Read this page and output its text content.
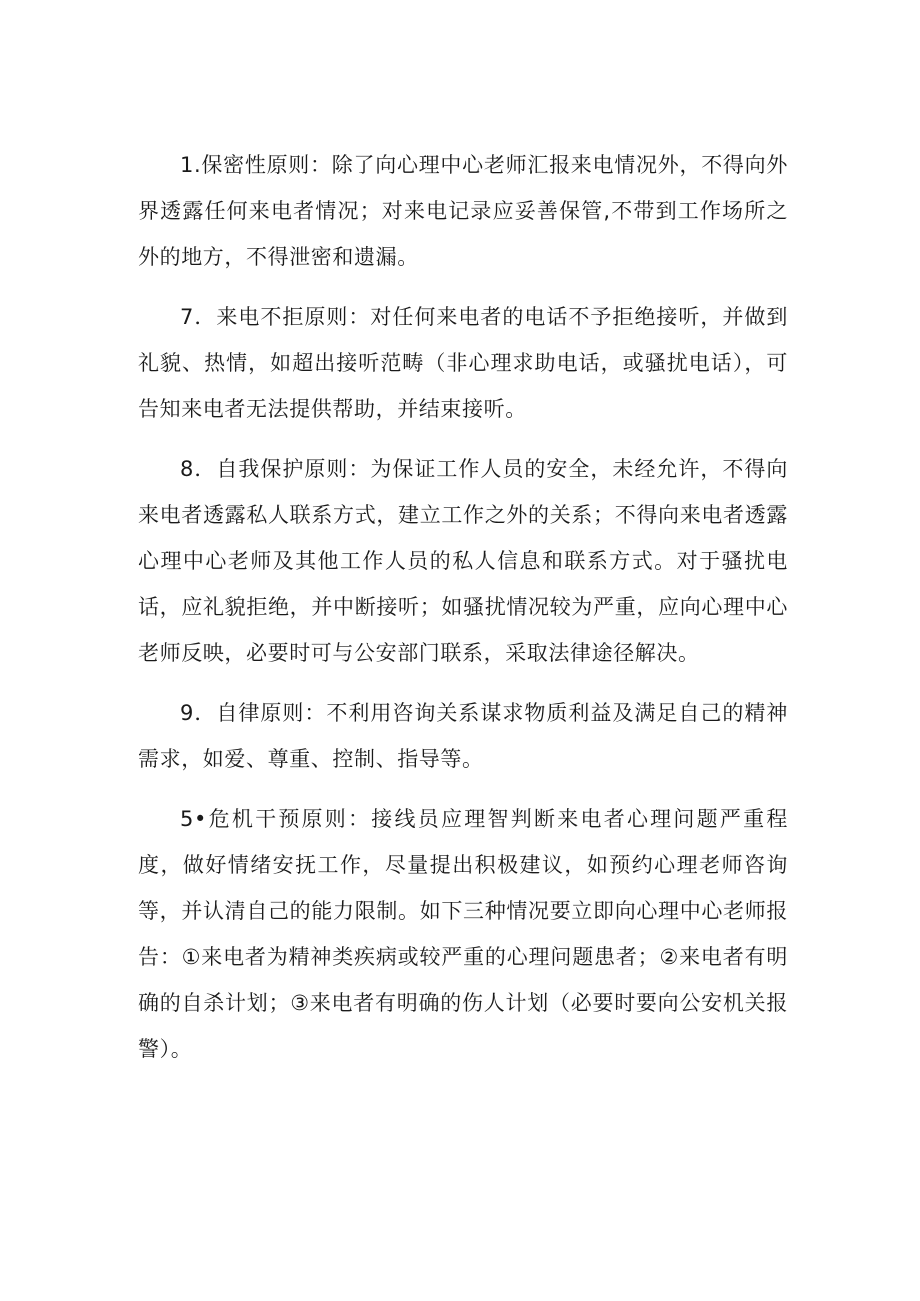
1.保密性原则：除了向心理中心老师汇报来电情况外，不得向外界透露任何来电者情况；对来电记录应妥善保管,不带到工作场所之外的地方，不得泄密和遗漏。

7．来电不拒原则：对任何来电者的电话不予拒绝接听，并做到礼貌、热情，如超出接听范畴（非心理求助电话，或骚扰电话），可告知来电者无法提供帮助，并结束接听。

8．自我保护原则：为保证工作人员的安全，未经允许，不得向来电者透露私人联系方式，建立工作之外的关系；不得向来电者透露心理中心老师及其他工作人员的私人信息和联系方式。对于骚扰电话，应礼貌拒绝，并中断接听；如骚扰情况较为严重，应向心理中心老师反映，必要时可与公安部门联系，采取法律途径解决。

9．自律原则：不利用咨询关系谋求物质利益及满足自己的精神需求，如爱、尊重、控制、指导等。

5•危机干预原则：接线员应理智判断来电者心理问题严重程度，做好情绪安抚工作，尽量提出积极建议，如预约心理老师咨询等，并认清自己的能力限制。如下三种情况要立即向心理中心老师报告：①来电者为精神类疾病或较严重的心理问题患者；②来电者有明确的自杀计划；③来电者有明确的伤人计划（必要时要向公安机关报警）。
